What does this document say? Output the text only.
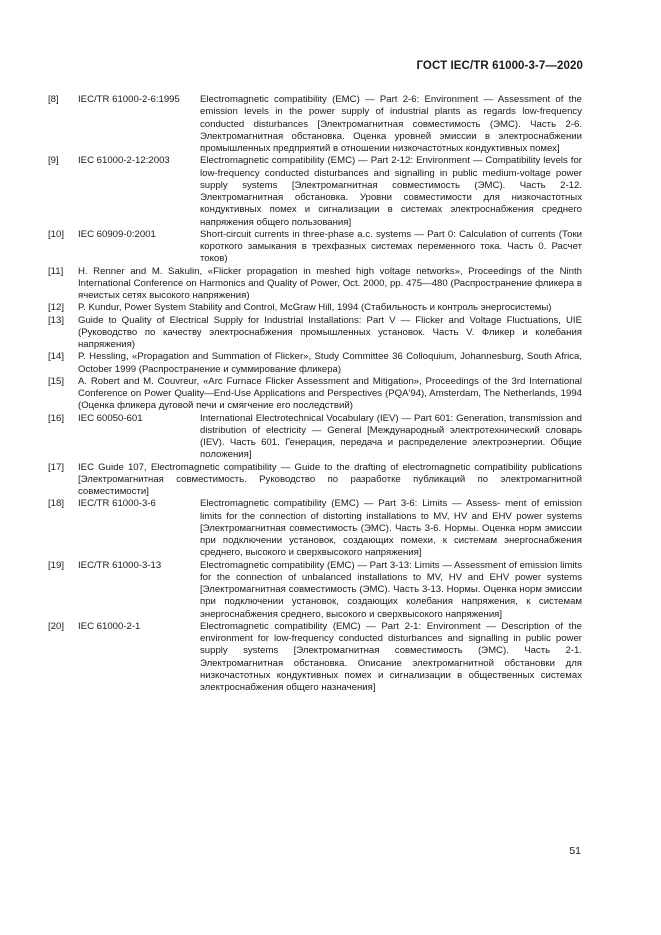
ГОСТ IEC/TR 61000-3-7—2020
[8]	IEC/TR 61000-2-6:1995	Electromagnetic compatibility (EMC) — Part 2-6: Environment — Assessment of the emission levels in the power supply of industrial plants as regards low-frequency conducted disturbances [Электромагнитная совместимость (ЭМС). Часть 2-6. Электромагнитная обстановка. Оценка уровней эмиссии в электроснабжении промышленных предприятий в отношении низкочастотных кондуктивных помех]
[9]	IEC 61000-2-12:2003	Electromagnetic compatibility (EMC) — Part 2-12: Environment — Compatibility levels for low-frequency conducted disturbances and signalling in public medium-voltage power supply systems [Электромагнитная совместимость (ЭМС). Часть 2-12. Электромагнитная обстановка. Уровни совместимости для низкочастотных кондуктивных помех и сигнализации в системах электроснабжения среднего напряжения общего пользования]
[10]	IEC 60909-0:2001	Short-circuit currents in three-phase a.c. systems — Part 0: Calculation of currents (Токи короткого замыкания в трехфазных системах переменного тока. Часть 0. Расчет токов)
[11]	H. Renner and M. Sakulin, «Flicker propagation in meshed high voltage networks», Proceedings of the Ninth International Conference on Harmonics and Quality of Power, Oct. 2000, pp. 475—480 (Распространение фликера в ячеистых сетях высокого напряжения)
[12]	P. Kundur, Power System Stability and Control, McGraw Hill, 1994 (Стабильность и контроль энергосистемы)
[13]	Guide to Quality of Electrical Supply for Industrial Installations: Part V — Flicker and Voltage Fluctuations, UIE (Руководство по качеству электроснабжения промышленных установок. Часть V. Фликер и колебания напряжения)
[14]	P. Hessling, «Propagation and Summation of Flicker», Study Committee 36 Colloquium, Johannesburg, South Africa, October 1999 (Распространение и суммирование фликера)
[15]	A. Robert and M. Couvreur, «Arc Furnace Flicker Assessment and Mitigation», Proceedings of the 3rd International Conference on Power Quality—End-Use Applications and Perspectives (PQA'94), Amsterdam, The Netherlands, 1994 (Оценка фликера дуговой печи и смягчение его последствий)
[16]	IEC 60050-601	International Electrotechnical Vocabulary (IEV) — Part 601: Generation, transmission and distribution of electricity — General [Международный электротехнический словарь (IEV). Часть 601. Генерация, передача и распределение электроэнергии. Общие положения]
[17]	IEC Guide 107, Electromagnetic compatibility — Guide to the drafting of electromagnetic compatibility publications [Электромагнитная совместимость. Руководство по разработке публикаций по электромагнитной совместимости]
[18]	IEC/TR 61000-3-6	Electromagnetic compatibility (EMC) — Part 3-6: Limits — Assess- ment of emission limits for the connection of distorting installations to MV, HV and EHV power systems [Электромагнитная совместимость (ЭМС). Часть 3-6. Нормы. Оценка норм эмиссии при подключении установок, создающих помехи, к системам энергоснабжения среднего, высокого и сверхвысокого напряжения]
[19]	IEC/TR 61000-3-13	Electromagnetic compatibility (EMC) — Part 3-13: Limits — Assessment of emission limits for the connection of unbalanced installations to MV, HV and EHV power systems [Электромагнитная совместимость (ЭМС). Часть 3-13. Нормы. Оценка норм эмиссии при подключении установок, создающих колебания напряжения, к системам энергоснабжения среднего, высокого и сверхвысокого напряжения]
[20]	IEC 61000-2-1	Electromagnetic compatibility (EMC) — Part 2-1: Environment — Description of the environment for low-frequency conducted disturbances and signalling in public power supply systems [Электромагнитная совместимость (ЭМС). Часть 2-1. Электромагнитная обстановка. Описание электромагнитной обстановки для низкочастотных кондуктивных помех и сигнализации в общественных системах электроснабжения общего назначения]
51
